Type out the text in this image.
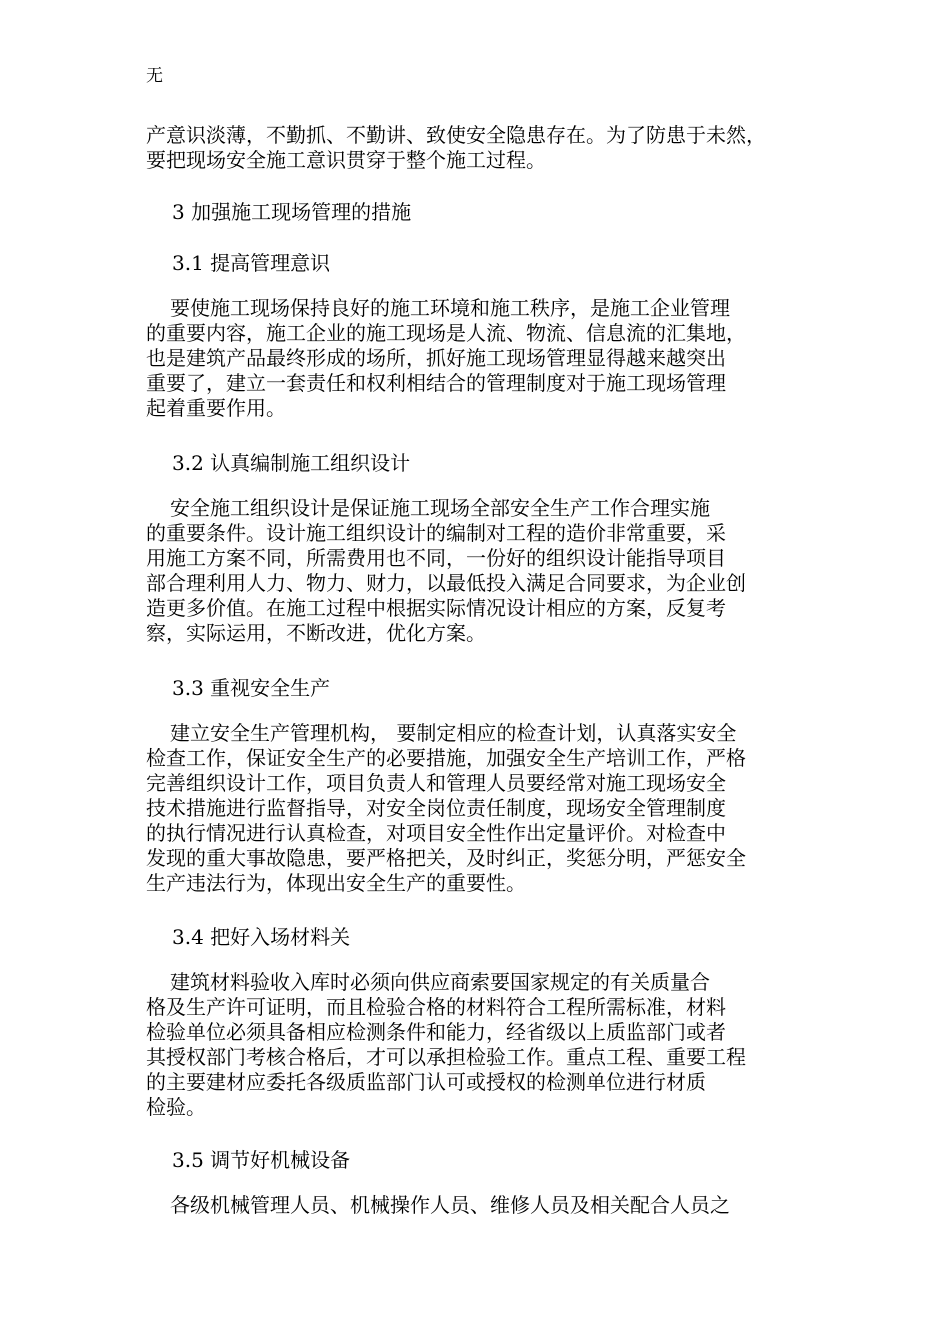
无
产意识淡薄，不勤抓、不勤讲、致使安全隐患存在。为了防患于未然，
要把现场安全施工意识贯穿于整个施工过程。
3 加强施工现场管理的措施
3.1 提高管理意识
要使施工现场保持良好的施工环境和施工秩序，是施工企业管理
的重要内容，施工企业的施工现场是人流、物流、信息流的汇集地，
也是建筑产品最终形成的场所，抓好施工现场管理显得越来越突出
重要了，建立一套责任和权利相结合的管理制度对于施工现场管理
起着重要作用。
3.2 认真编制施工组织设计
安全施工组织设计是保证施工现场全部安全生产工作合理实施
的重要条件。设计施工组织设计的编制对工程的造价非常重要，采
用施工方案不同，所需费用也不同，一份好的组织设计能指导项目
部合理利用人力、物力、财力，以最低投入满足合同要求，为企业创
造更多价值。在施工过程中根据实际情况设计相应的方案，反复考
察，实际运用，不断改进，优化方案。
3.3 重视安全生产
建立安全生产管理机构， 要制定相应的检查计划，认真落实安全
检查工作，保证安全生产的必要措施，加强安全生产培训工作，严格
完善组织设计工作，项目负责人和管理人员要经常对施工现场安全
技术措施进行监督指导，对安全岗位责任制度，现场安全管理制度
的执行情况进行认真检查，对项目安全性作出定量评价。对检查中
发现的重大事故隐患，要严格把关，及时纠正，奖惩分明，严惩安全
生产违法行为，体现出安全生产的重要性。
3.4 把好入场材料关
建筑材料验收入库时必须向供应商索要国家规定的有关质量合
格及生产许可证明，而且检验合格的材料符合工程所需标准，材料
检验单位必须具备相应检测条件和能力，经省级以上质监部门或者
其授权部门考核合格后，才可以承担检验工作。重点工程、重要工程
的主要建材应委托各级质监部门认可或授权的检测单位进行材质
检验。
3.5 调节好机械设备
各级机械管理人员、机械操作人员、维修人员及相关配合人员之
